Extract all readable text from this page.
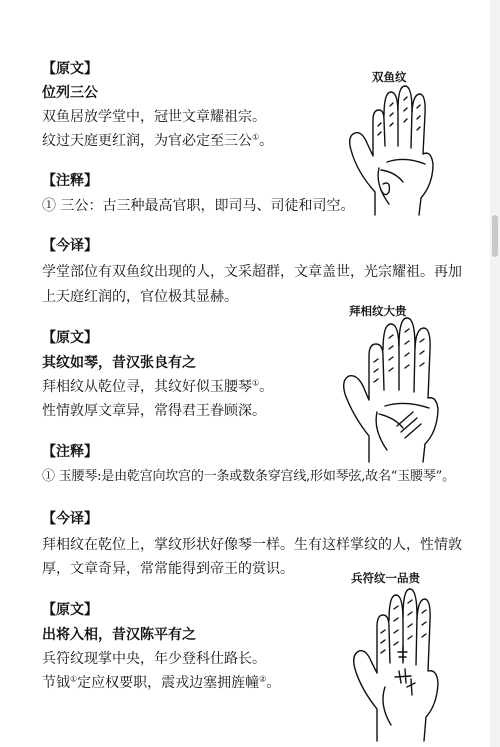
【原文】
位列三公
双鱼居放学堂中，冠世文章耀祖宗。
纹过天庭更红润，为官必定至三公①。
【注释】
① 三公：古三种最高官职，即司马、司徒和司空。
【今译】
学堂部位有双鱼纹出现的人，文采超群，文章盖世，光宗耀祖。再加
上天庭红润的，官位极其显赫。
双鱼纹
【原文】
其纹如琴，昔汉张良有之
拜相纹从乾位寻，其纹好似玉腰琴①。
性情敦厚文章异，常得君王眷顾深。
【注释】
① 玉腰琴:是由乾宫向坎宫的一条或数条穿宫线,形如琴弦,故名“玉腰琴”。
【今译】
拜相纹在乾位上，掌纹形状好像琴一样。生有这样掌纹的人，性情敦
厚，文章奇异，常常能得到帝王的赏识。
拜相纹大贵
【原文】
出将入相，昔汉陈平有之
兵符纹现掌中央，年少登科仕路长。
节钺①定应权要职，震戎边塞拥旌幢②。
兵符纹一品贵
